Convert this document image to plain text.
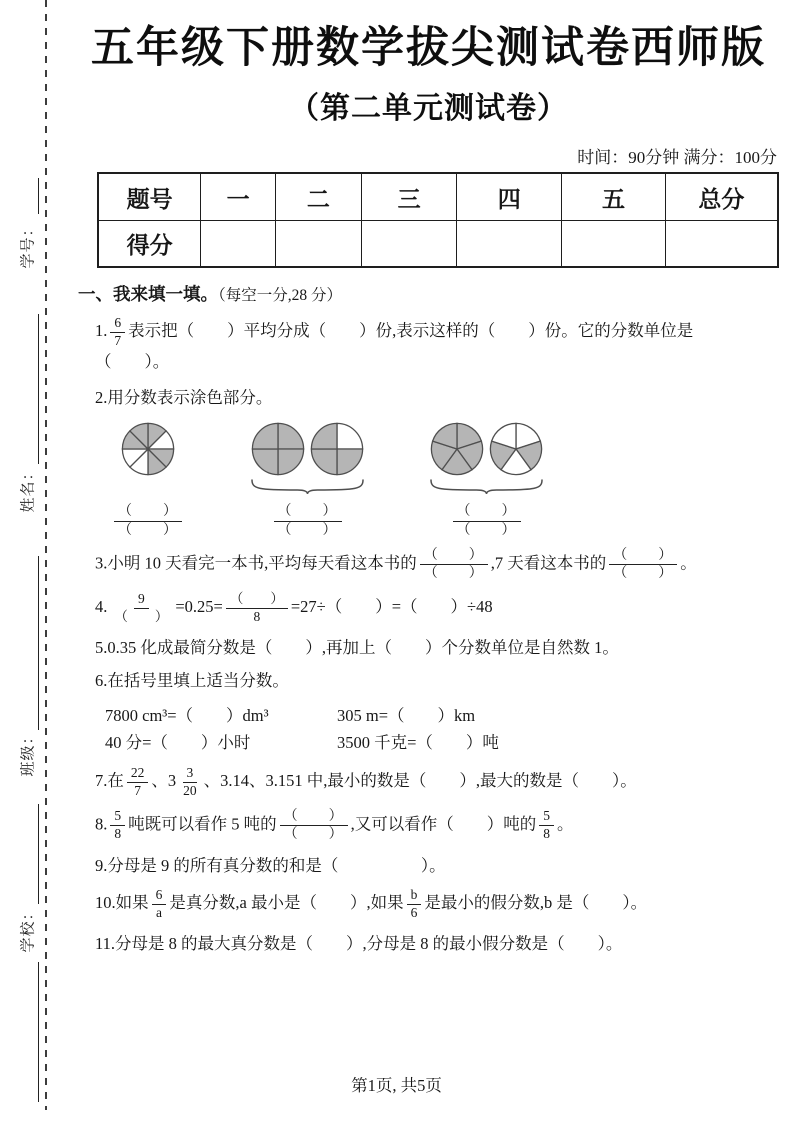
学号：
姓名：
班级：
学校：
五年级下册数学拔尖测试卷西师版
（第二单元测试卷）
时间：90分钟 满分：100分
题号	一	二	三	四	五	总分
得分						
一、我来填一填。（每空一分,28 分）
1. $\frac{6}{7}$ 表示把（　　）平均分成（　　）份,表示这样的（　　）份。它的分数单位是
（　　）。
2.用分数表示涂色部分。
$\frac{( )}{( )}$	$\frac{( )}{( )}$	$\frac{( )}{( )}$
3.小明 10 天看完一本书,平均每天看这本书的 $\frac{( )}{( )} ,7$ 天看这本书的 $\frac{( )}{( )}$ 。
4. $\frac{9}{( )} =0.25= \frac{( )}{8} =27\div$（　　）=（　　）÷48
5.0.35 化成最简分数是（　　）,再加上（　　）个分数单位是自然数 1。
6.在括号里填上适当分数。
7800 cm³=（　　）dm³	305 m=（　　）km
40 分=（　　）小时	3500 千克=（　　）吨
7.在 $\frac{22}{7}$ 、$3 \frac{3}{20}$ 、3.14、3.151 中,最小的数是（　　）,最大的数是（　　）。
8. $\frac{5}{8}$ 吨既可以看作 5 吨的 $\frac{( )}{( )}$ ,又可以看作（　　）吨的 $\frac{5}{8}$ 。
9.分母是 9 的所有真分数的和是（　　　　　）。
10.如果 $\frac{6}{a}$ 是真分数,a 最小是（　　）,如果 $\frac{b}{6}$ 是最小的假分数,b 是（　　）。
11.分母是 8 的最大真分数是（　　）,分母是 8 的最小假分数是（　　）。
第1页, 共5页
